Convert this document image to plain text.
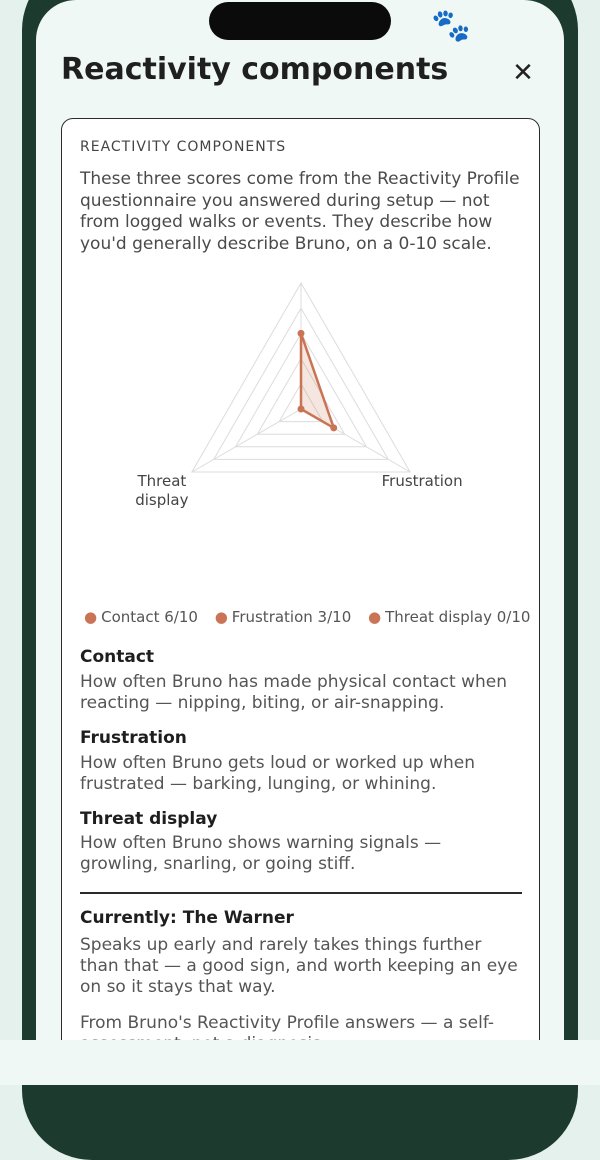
🐾
Reactivity components ✕
REACTIVITY COMPONENTS

These three scores come from the Reactivity Profile questionnaire you answered during setup — not from logged walks or events. They describe how you'd generally describe Bruno, on a 0-10 scale.

Frustration
Threat
display
● Contact 6/10 ● Frustration 3/10 ● Threat display 0/10
Contact

How often Bruno has made physical contact when reacting — nipping, biting, or air-snapping.

Frustration

How often Bruno gets loud or worked up when frustrated — barking, lunging, or whining.

Threat display

How often Bruno shows warning signals — growling, snarling, or going stiff.

Currently: The Warner

Speaks up early and rarely takes things further than that — a good sign, and worth keeping an eye on so it stays that way.

From Bruno's Reactivity Profile answers — a self-
